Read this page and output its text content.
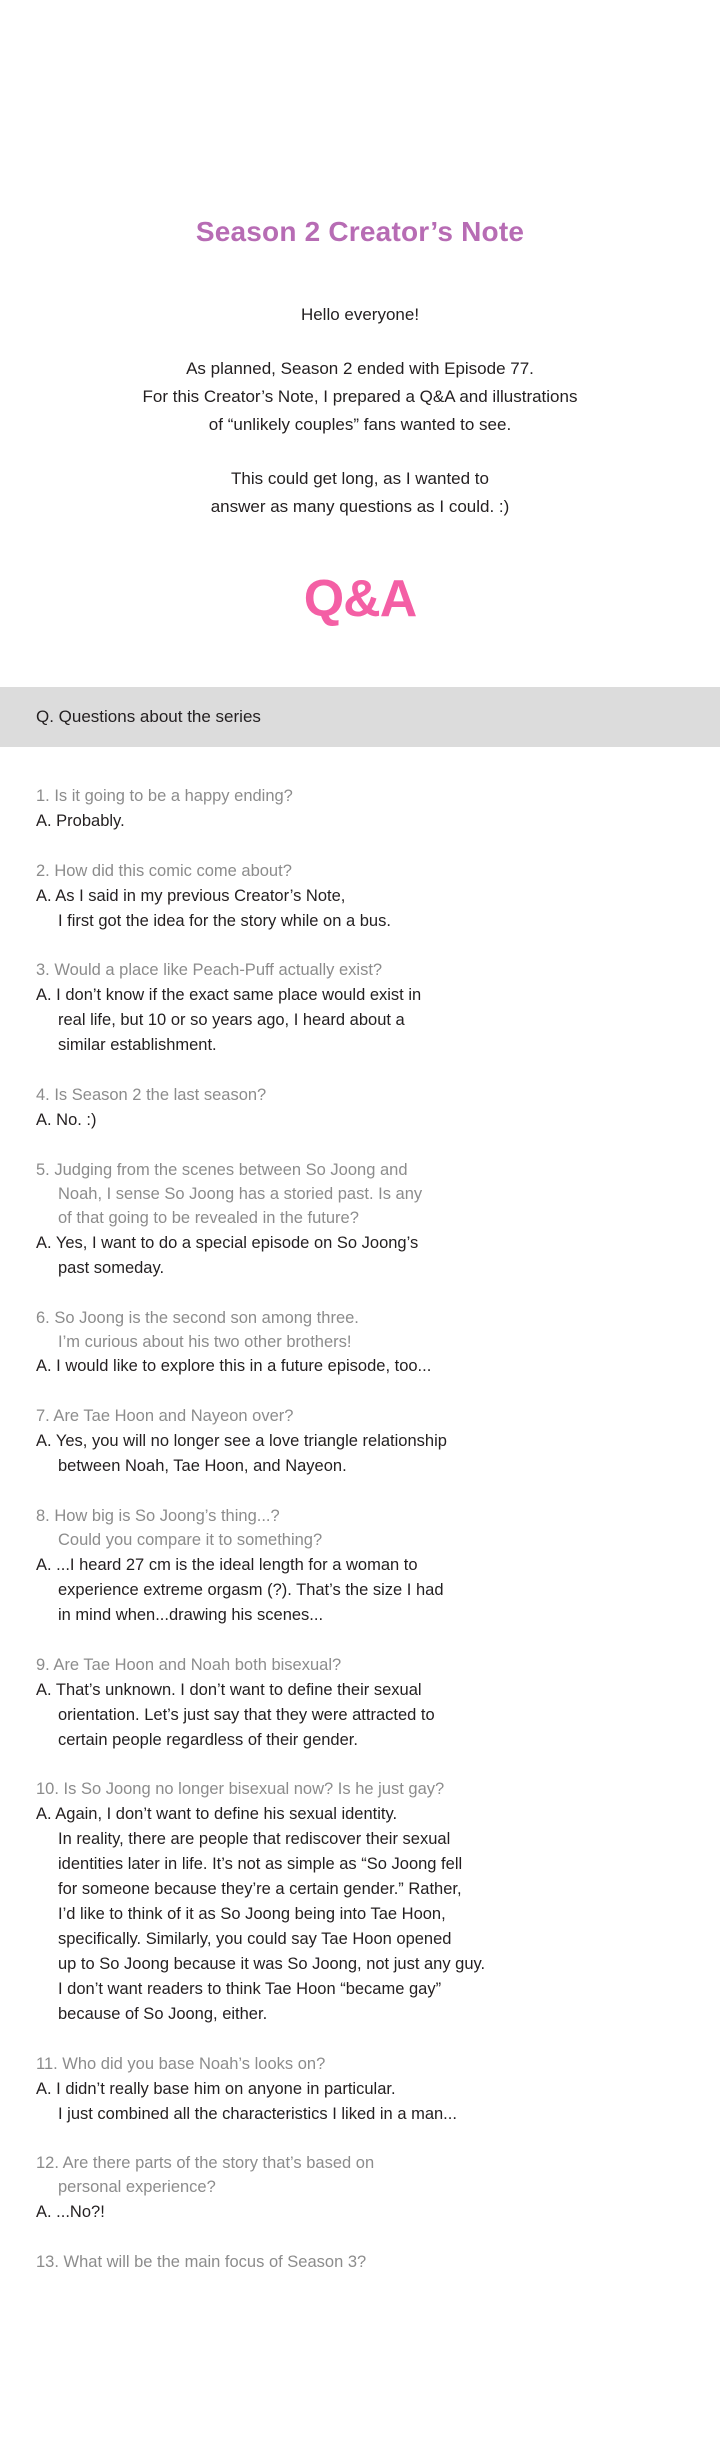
Season 2 Creator’s Note
Hello everyone!
As planned, Season 2 ended with Episode 77.
For this Creator’s Note, I prepared a Q&A and illustrations
of “unlikely couples” fans wanted to see.
This could get long, as I wanted to
answer as many questions as I could. :)
Q&A
Q. Questions about the series
1. Is it going to be a happy ending?
A. Probably.
2. How did this comic come about?
A. As I said in my previous Creator’s Note,
I first got the idea for the story while on a bus.
3. Would a place like Peach-Puff actually exist?
A. I don’t know if the exact same place would exist in
real life, but 10 or so years ago, I heard about a
similar establishment.
4. Is Season 2 the last season?
A. No. :)
5. Judging from the scenes between So Joong and
Noah, I sense So Joong has a storied past. Is any
of that going to be revealed in the future?
A. Yes, I want to do a special episode on So Joong’s
past someday.
6. So Joong is the second son among three.
I’m curious about his two other brothers!
A. I would like to explore this in a future episode, too...
7. Are Tae Hoon and Nayeon over?
A. Yes, you will no longer see a love triangle relationship
between Noah, Tae Hoon, and Nayeon.
8. How big is So Joong’s thing...?
Could you compare it to something?
A. ...I heard 27 cm is the ideal length for a woman to
experience extreme orgasm (?). That’s the size I had
in mind when...drawing his scenes...
9. Are Tae Hoon and Noah both bisexual?
A. That’s unknown. I don’t want to define their sexual
orientation. Let’s just say that they were attracted to
certain people regardless of their gender.
10. Is So Joong no longer bisexual now? Is he just gay?
A. Again, I don’t want to define his sexual identity.
In reality, there are people that rediscover their sexual
identities later in life. It’s not as simple as “So Joong fell
for someone because they’re a certain gender.” Rather,
I’d like to think of it as So Joong being into Tae Hoon,
specifically. Similarly, you could say Tae Hoon opened
up to So Joong because it was So Joong, not just any guy.
I don’t want readers to think Tae Hoon “became gay”
because of So Joong, either.
11. Who did you base Noah’s looks on?
A. I didn’t really base him on anyone in particular.
I just combined all the characteristics I liked in a man...
12. Are there parts of the story that’s based on
personal experience?
A. ...No?!
13. What will be the main focus of Season 3?
